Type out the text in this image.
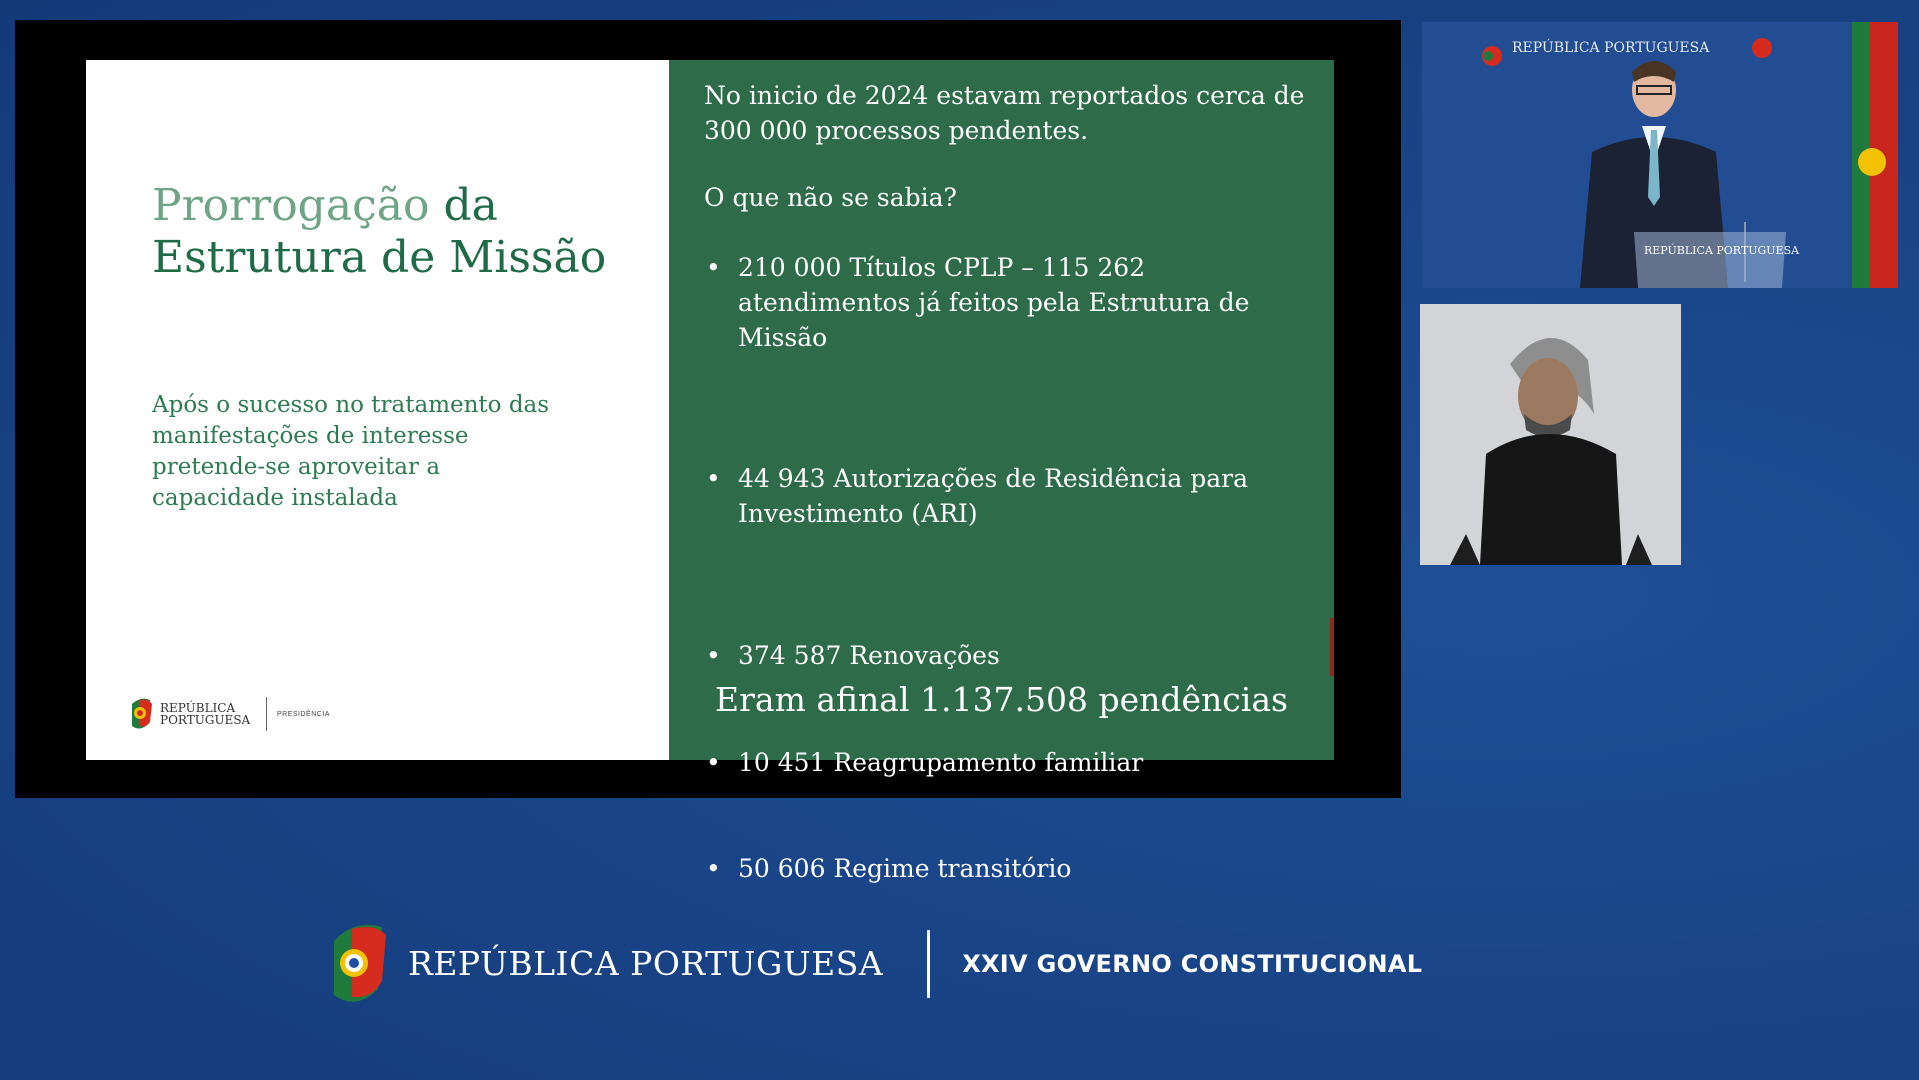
Prorrogação da Estrutura de Missão

Após o sucesso no tratamento das manifestações de interesse pretende-se aproveitar a capacidade instalada

REPÚBLICA PORTUGUESA	PRESIDÊNCIA

No inicio de 2024 estavam reportados cerca de 300 000 processos pendentes.

O que não se sabia?

• 210 000 Títulos CPLP – 115 262 atendimentos já feitos pela Estrutura de Missão
• 44 943 Autorizações de Residência para Investimento (ARI)
• 374 587 Renovações
• 10 451 Reagrupamento familiar
• 50 606 Regime transitório

Eram afinal 1.137.508 pendências

REPÚBLICA PORTUGUESA
REPÚBLICA PORTUGUESA
REPÚBLICA PORTUGUESA	XXIV GOVERNO CONSTITUCIONAL
